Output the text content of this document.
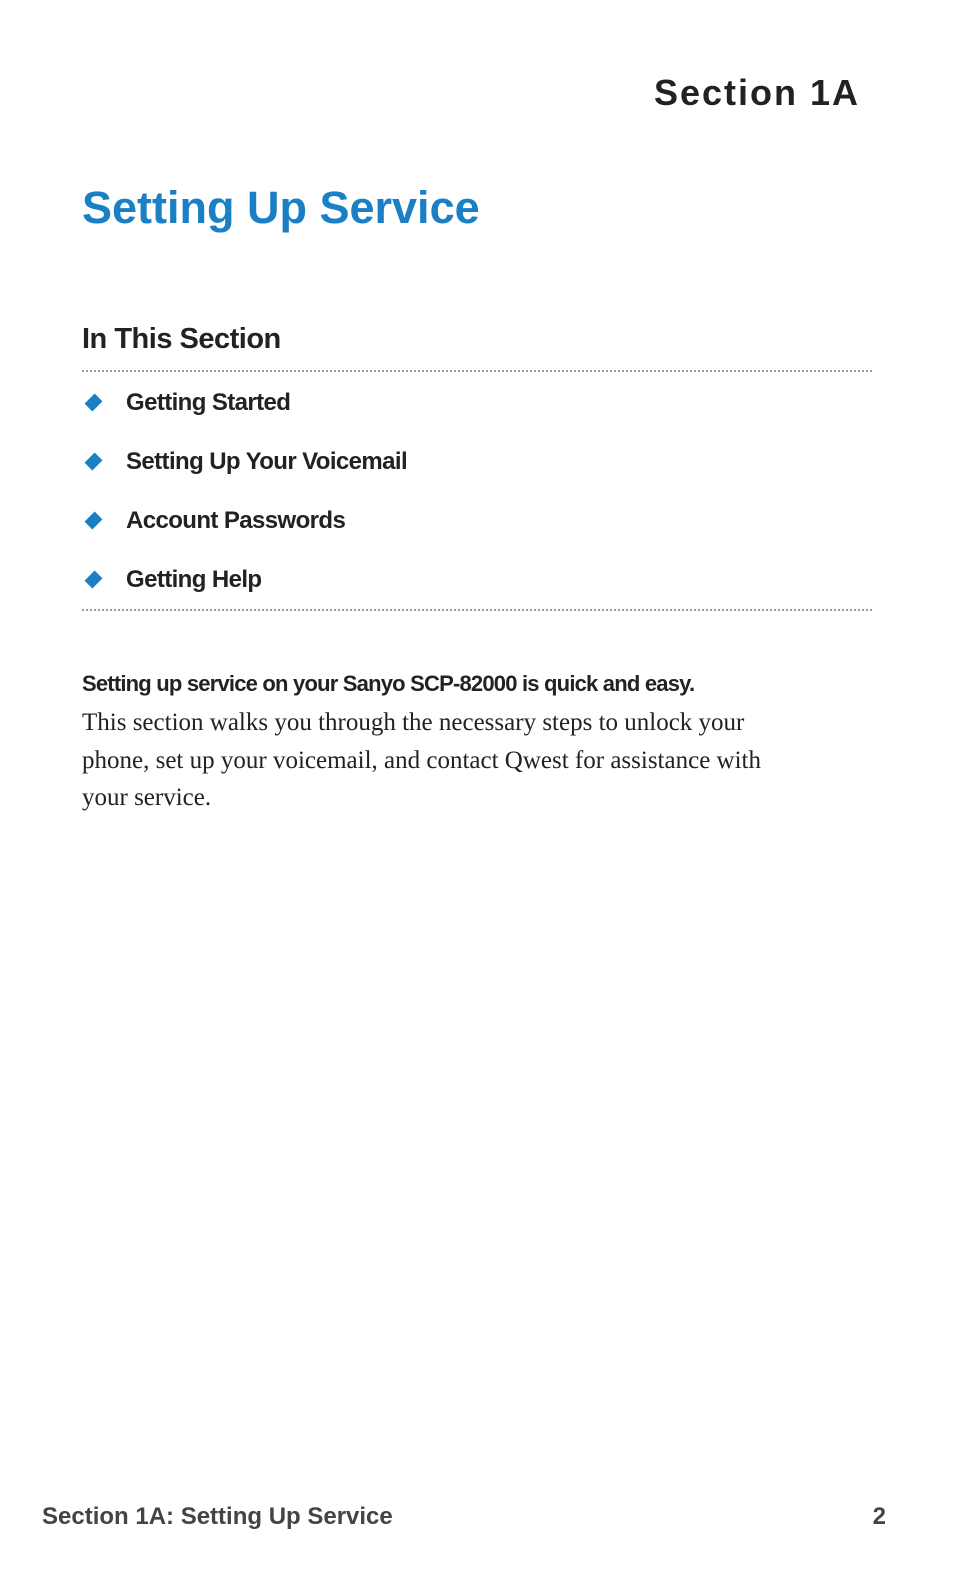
Section 1A
Setting Up Service
In This Section
Getting Started
Setting Up Your Voicemail
Account Passwords
Getting Help

Setting up service on your Sanyo SCP-82000 is quick and easy.

This section walks you through the necessary steps to unlock your phone, set up your voicemail, and contact Qwest for assistance with your service.

Section 1A: Setting Up Service	2
